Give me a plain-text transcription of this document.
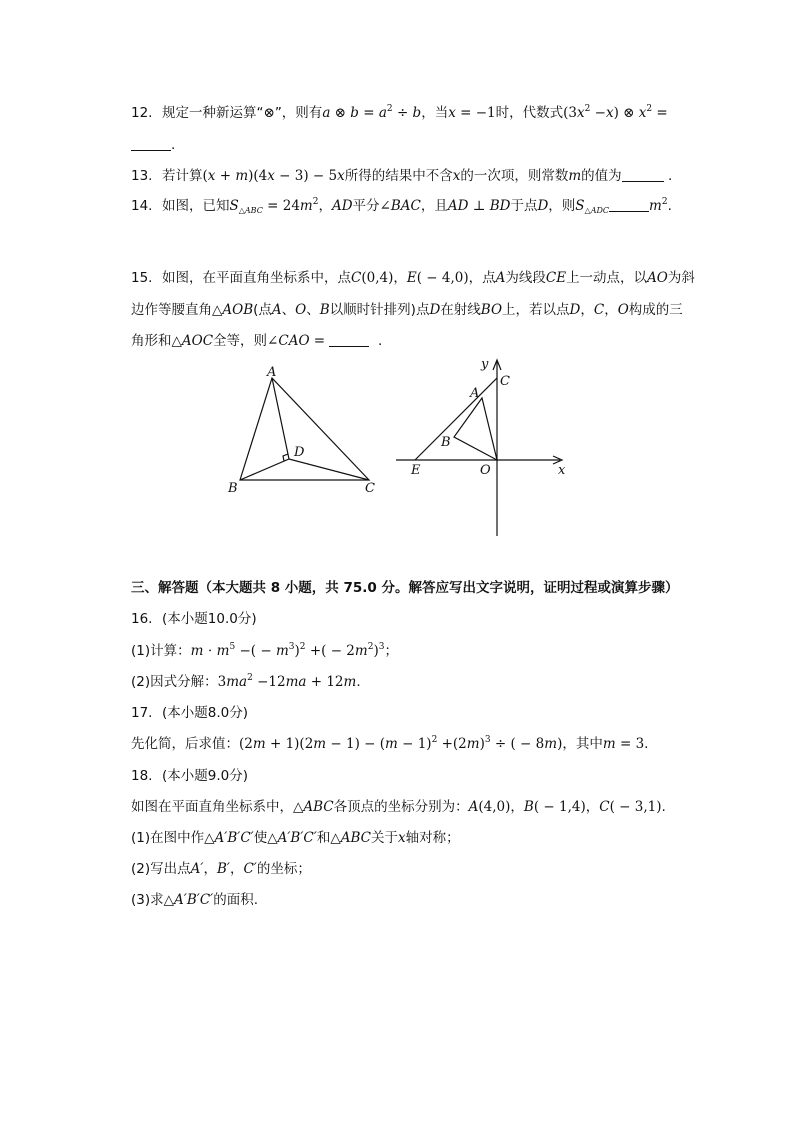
12. 规定一种新运算“⊗”，则有a ⊗ $b = a^2 \div b$，当x = −1时，代数式$(3x^2 -x)$ ⊗ $x^2$ =
.
13. 若计算(x + m)(4x − 3) − 5x所得的结果中不含x的一次项，则常数m的值为	.
14. 如图，已知$S_{\triangle ABC} = 24m^2$，AD平分∠BAC，且AD ⊥ BD于点D，则$S_{\triangle ADC}$	$m^2$.
15. 如图，在平面直角坐标系中，点C(0,4)，E( − 4,0)，点A为线段CE上一动点，以AO为斜
边作等腰直角△AOB(点A、O、B以顺时针排列)点D在射线BO上，若以点D，C，O构成的三
角形和△AOC全等，则∠CAO =	.
A
B	C
D
y
x
A
B
C
E	O
三、解答题（本大题共 8 小题，共 75.0 分。解答应写出文字说明，证明过程或演算步骤）
16. (本小题10.0分)
(1)计算：$m \cdot m^5$ −( − $m^3)^2$ +( − $2m^2)^3$；
(2)因式分解：$3ma^2 -12ma + 12m$.
17. (本小题8.0分)
先化简，后求值：$(2m + 1)(2m - 1) - (m - 1)^2 +(2m)^3$ ÷ ( − 8m)，其中m = 3.
18. (本小题9.0分)
如图在平面直角坐标系中，△ABC各顶点的坐标分别为：A(4,0)，B( − 1,4)，C( − 3,1).
(1)在图中作△A′B′C′使△A′B′C′和△ABC关于x轴对称；
(2)写出点A′，B′，C′的坐标；
(3)求△A′B′C′的面积.
